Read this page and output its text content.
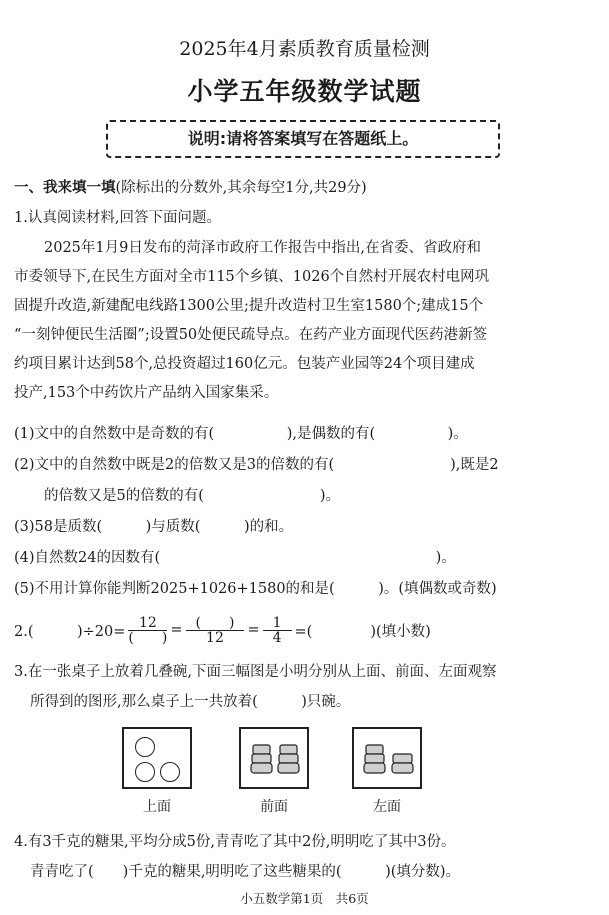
2025年4月素质教育质量检测
小学五年级数学试题
说明:请将答案填写在答题纸上。
一、我来填一填(除标出的分数外,其余每空1分,共29分)
1.认真阅读材料,回答下面问题。
2025年1月9日发布的菏泽市政府工作报告中指出,在省委、省政府和
市委领导下,在民生方面对全市115个乡镇、1026个自然村开展农村电网巩
固提升改造,新建配电线路1300公里;提升改造村卫生室1580个;建成15个
“一刻钟便民生活圈”;设置50处便民疏导点。在药产业方面现代医药港新签
约项目累计达到58个,总投资超过160亿元。包装产业园等24个项目建成
投产,153个中药饮片产品纳入国家集采。
(1)文中的自然数中是奇数的有(　　　　　),是偶数的有(　　　　　)。
(2)文中的自然数中既是2的倍数又是3的倍数的有(　　　　　　　　),既是2
的倍数又是5的倍数的有(　　　　　　　　)。
(3)58是质数(　　　)与质数(　　　)的和。
(4)自然数24的因数有(　　　　　　　　　　　　　　　　　　　)。
(5)不用计算你能判断2025+1026+1580的和是(　　　)。(填偶数或奇数)
2.(　　　)÷20=
12
(　　) = (　　)
12	= $\frac{1}{4}$ =(　　　　)(填小数)
3.在一张桌子上放着几叠碗,下面三幅图是小明分别从上面、前面、左面观察
所得到的图形,那么桌子上一共放着(　　　)只碗。
上面	前面	左面
4.有3千克的糖果,平均分成5份,青青吃了其中2份,明明吃了其中3份。
青青吃了(　　)千克的糖果,明明吃了这些糖果的(　　　)(填分数)。
小五数学第1页　共6页
